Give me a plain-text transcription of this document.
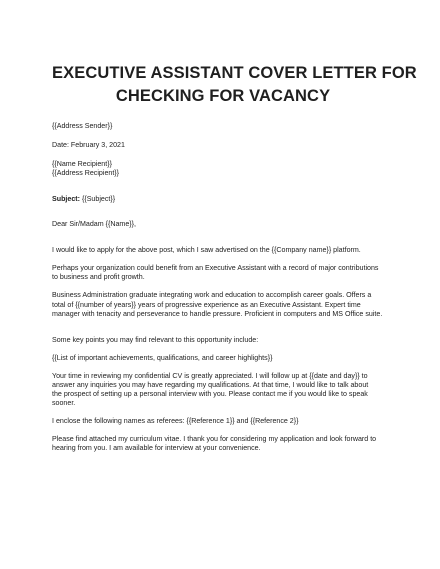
EXECUTIVE ASSISTANT COVER LETTER FOR
CHECKING FOR VACANCY
{{Address Sender}}
Date: February 3, 2021
{{Name Recipient}}
{{Address Recipient}}
Subject: {{Subject}}
Dear Sir/Madam {{Name}},
I would like to apply for the above post, which I saw advertised on the {{Company name}} platform.
Perhaps your organization could benefit from an Executive Assistant with a record of major contributions
to business and profit growth.
Business Administration graduate integrating work and education to accomplish career goals. Offers a
total of {{number of years}} years of progressive experience as an Executive Assistant. Expert time
manager with tenacity and perseverance to handle pressure. Proficient in computers and MS Office suite.
Some key points you may find relevant to this opportunity include:
{{List of important achievements, qualifications, and career highlights}}
Your time in reviewing my confidential CV is greatly appreciated. I will follow up at {{date and day}} to
answer any inquiries you may have regarding my qualifications. At that time, I would like to talk about
the prospect of setting up a personal interview with you. Please contact me if you would like to speak
sooner.
I enclose the following names as referees: {{Reference 1}} and {{Reference 2}}
Please find attached my curriculum vitae. I thank you for considering my application and look forward to
hearing from you. I am available for interview at your convenience.
